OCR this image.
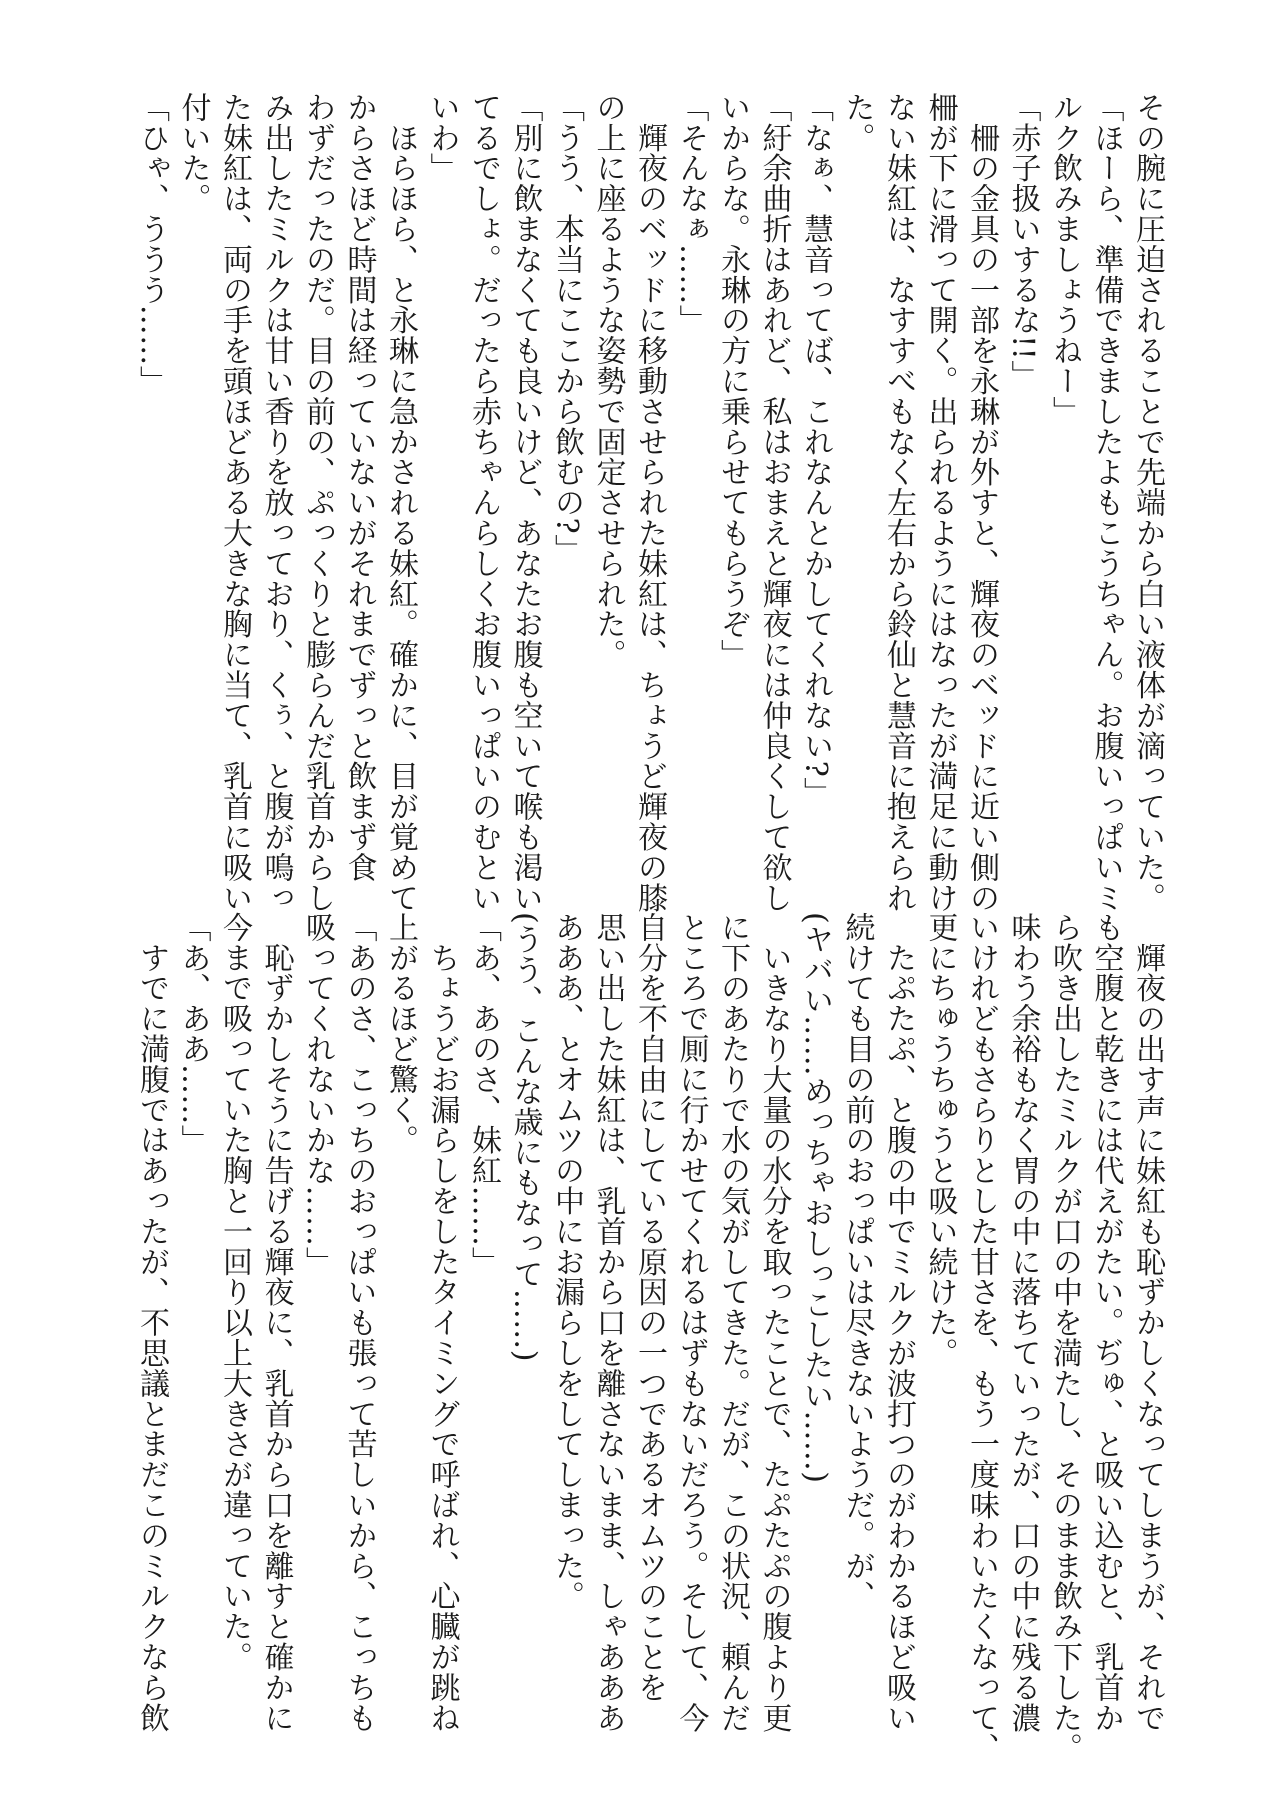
その腕に圧迫されることで先端から白い液体が滴っていた。
「ほーら、準備できましたよもこうちゃん。お腹いっぱいミ
ルク飲みましょうねー」
「赤子扱いするな!!」
　柵の金具の一部を永琳が外すと、輝夜のベッドに近い側の
柵が下に滑って開く。出られるようにはなったが満足に動け
ない妹紅は、なすすべもなく左右から鈴仙と慧音に抱えられ
た。
「なぁ、慧音ってば、これなんとかしてくれない?」
「紆余曲折はあれど、私はおまえと輝夜には仲良くして欲し
いからな。永琳の方に乗らせてもらうぞ」
「そんなぁ……」
　輝夜のベッドに移動させられた妹紅は、ちょうど輝夜の膝
の上に座るような姿勢で固定させられた。
「うう、本当にここから飲むの?」
「別に飲まなくても良いけど、あなたお腹も空いて喉も渇い
てるでしょ。だったら赤ちゃんらしくお腹いっぱいのむとい
いわ」
　ほらほら、と永琳に急かされる妹紅。確かに、目が覚めて
からさほど時間は経っていないがそれまでずっと飲まず食
わずだったのだ。目の前の、ぷっくりと膨らんだ乳首からし
み出したミルクは甘い香りを放っており、くぅ、と腹が鳴っ
た妹紅は、両の手を頭ほどある大きな胸に当て、乳首に吸い
付いた。
「ひゃ、ううう……」
　輝夜の出す声に妹紅も恥ずかしくなってしまうが、それで
も空腹と乾きには代えがたい。ぢゅ、と吸い込むと、乳首か
ら吹き出したミルクが口の中を満たし、そのまま飲み下した。
味わう余裕もなく胃の中に落ちていったが、口の中に残る濃
いけれどもさらりとした甘さを、もう一度味わいたくなって、
更にちゅうちゅうと吸い続けた。
　たぷたぷ、と腹の中でミルクが波打つのがわかるほど吸い
続けても目の前のおっぱいは尽きないようだ。が、
(ヤバい……めっちゃおしっこしたい……)
　いきなり大量の水分を取ったことで、たぷたぷの腹より更
に下のあたりで水の気がしてきた。だが、この状況、頼んだ
ところで厠に行かせてくれるはずもないだろう。そして、今
自分を不自由にしている原因の一つであるオムツのことを
思い出した妹紅は、乳首から口を離さないまま、しゃあああ
あああ、とオムツの中にお漏らしをしてしまった。
(うう、こんな歳にもなって……)
「あ、あのさ、妹紅……」
　ちょうどお漏らしをしたタイミングで呼ばれ、心臓が跳ね
上がるほど驚く。
「あのさ、こっちのおっぱいも張って苦しいから、こっちも
吸ってくれないかな……」
　恥ずかしそうに告げる輝夜に、乳首から口を離すと確かに
今まで吸っていた胸と一回り以上大きさが違っていた。
「あ、ああ……」
　すでに満腹ではあったが、不思議とまだこのミルクなら飲
